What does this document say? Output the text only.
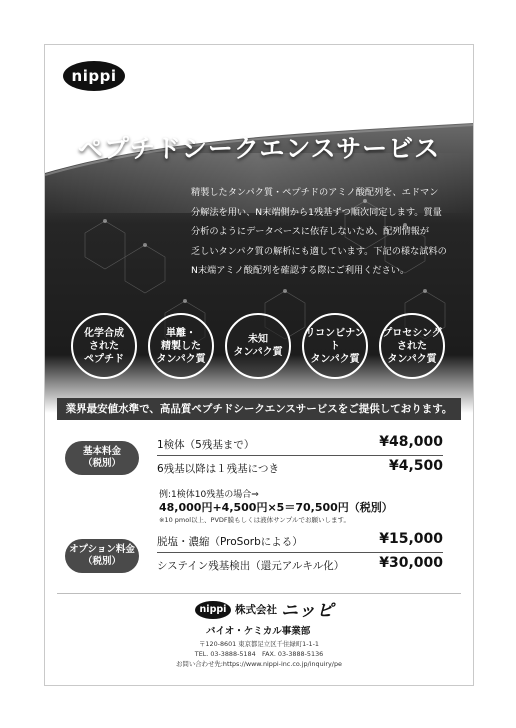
nippi
ペプチドシークエンスサービス
精製したタンパク質・ペプチドのアミノ酸配列を、エドマン
分解法を用い、N末端側から1残基ずつ順次同定します。質量
分析のようにデータベースに依存しないため、配列情報が
乏しいタンパク質の解析にも適しています。下記の様な試料の
N末端アミノ酸配列を確認する際にご利用ください。
化学合成
された
ペプチド
単離・
精製した
タンパク質
未知
タンパク質
リコンビナント
タンパク質
プロセシング
された
タンパク質
業界最安値水準で、高品質ペプチドシークエンスサービスをご提供しております。
基本料金
（税別）
1検体（5残基まで）	¥48,000
6残基以降は１残基につき	¥4,500
例:1検体10残基の場合⇒
48,000円+4,500円×5＝70,500円（税別）
※10 pmol以上、PVDF膜もしくは液体サンプルでお願いします。
オプション料金
（税別）
脱塩・濃縮（ProSorbによる）	¥15,000
システイン残基検出（還元アルキル化）	¥30,000
nippi 株式会社 ニッピ
バイオ・ケミカル事業部
〒120-8601 東京都足立区千住緑町1-1-1
TEL. 03-3888-5184　FAX. 03-3888-5136
お問い合わせ先:https://www.nippi-inc.co.jp/inquiry/pe
